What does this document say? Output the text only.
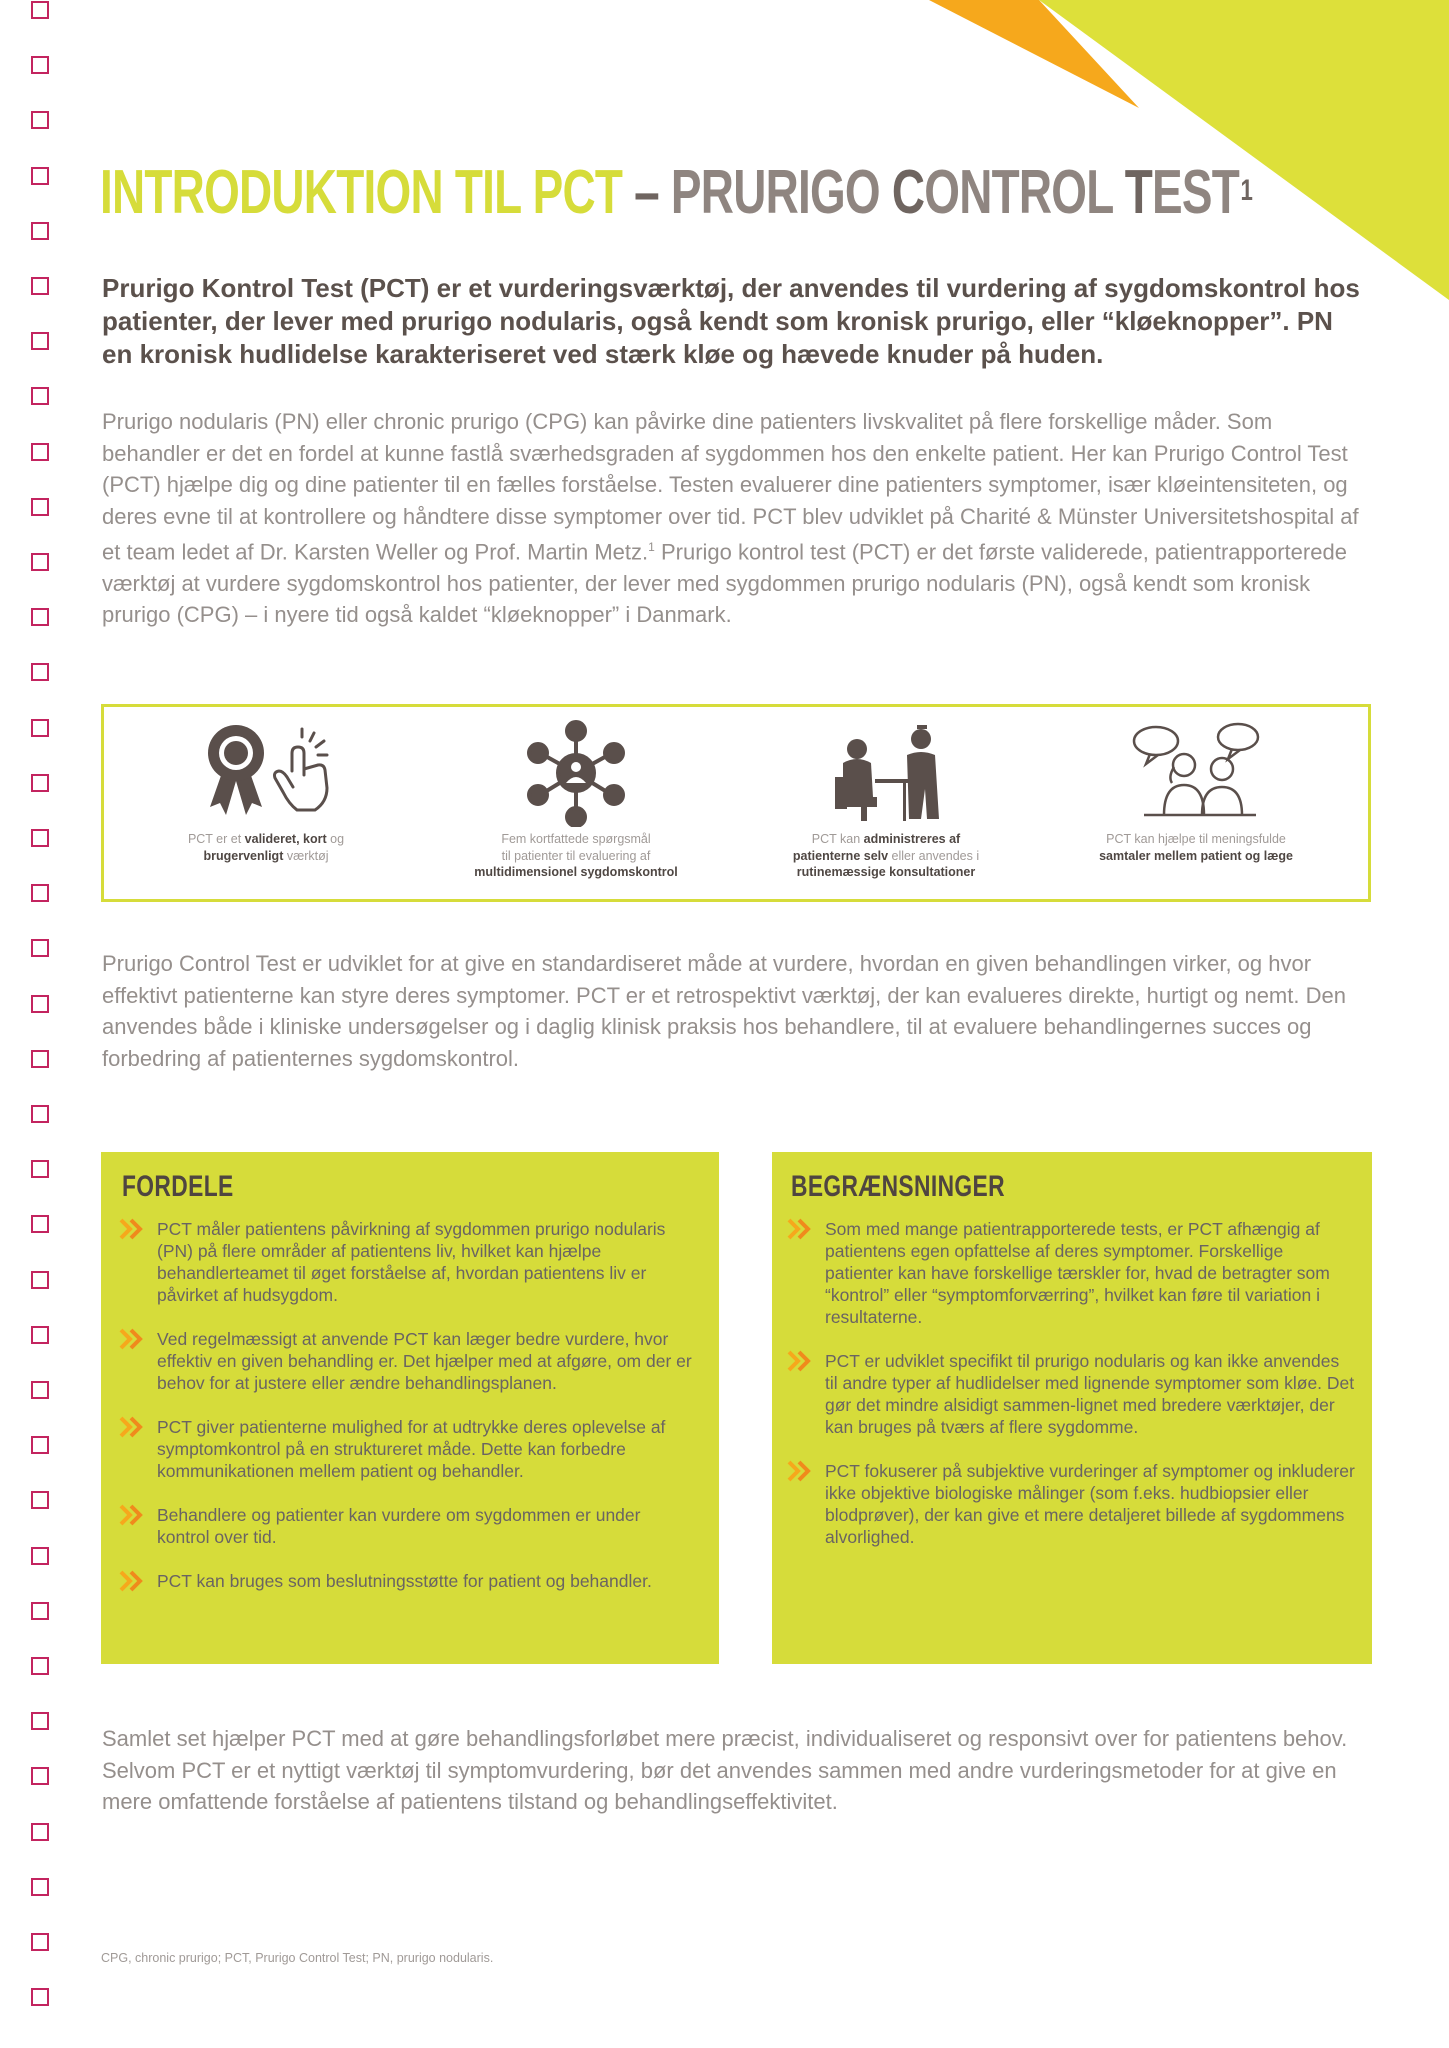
INTRODUKTION TIL PCT – PRURIGO CONTROL TEST$^1$

Prurigo Kontrol Test (PCT) er et vurderingsværktøj, der anvendes til vurdering af sygdomskontrol hos patienter, der lever med prurigo nodularis, også kendt som kronisk prurigo, eller “kløeknopper”. PN en kronisk hudlidelse karakteriseret ved stærk kløe og hævede knuder på huden.

Prurigo nodularis (PN) eller chronic prurigo (CPG) kan påvirke dine patienters livskvalitet på flere forskellige måder. Som behandler er det en fordel at kunne fastlå sværhedsgraden af sygdommen hos den enkelte patient. Her kan Prurigo Control Test (PCT) hjælpe dig og dine patienter til en fælles forståelse. Testen evaluerer dine patienters symptomer, især kløeintensiteten, og deres evne til at kontrollere og håndtere disse symptomer over tid. PCT blev udviklet på Charité & Münster Universitetshospital af et team ledet af Dr. Karsten Weller og Prof. Martin Metz.$^1$ Prurigo kontrol test (PCT) er det første validerede, patientrapporterede værktøj at vurdere sygdomskontrol hos patienter, der lever med sygdommen prurigo nodularis (PN), også kendt som kronisk prurigo (CPG) – i nyere tid også kaldet “kløeknopper” i Danmark.

PCT er et valideret, kort og
brugervenligt værktøj

Fem kortfattede spørgsmål
til patienter til evaluering af
multidimensionel sygdomskontrol

PCT kan administreres af
patienterne selv eller anvendes i
rutinemæssige konsultationer

PCT kan hjælpe til meningsfulde
samtaler mellem patient og læge

Prurigo Control Test er udviklet for at give en standardiseret måde at vurdere, hvordan en given behandlingen virker, og hvor effektivt patienterne kan styre deres symptomer. PCT er et retrospektivt værktøj, der kan evalueres direkte, hurtigt og nemt. Den anvendes både i kliniske undersøgelser og i daglig klinisk praksis hos behandlere, til at evaluere behandlingernes succes og forbedring af patienternes sygdomskontrol.

FORDELE
PCT måler patientens påvirkning af sygdommen prurigo nodularis (PN) på flere områder af patientens liv, hvilket kan hjælpe behandlerteamet til øget forståelse af, hvordan patientens liv er påvirket af hudsygdom.
Ved regelmæssigt at anvende PCT kan læger bedre vurdere, hvor effektiv en given behandling er. Det hjælper med at afgøre, om der er behov for at justere eller ændre behandlingsplanen.
PCT giver patienterne mulighed for at udtrykke deres oplevelse af symptomkontrol på en struktureret måde. Dette kan forbedre kommunikationen mellem patient og behandler.
Behandlere og patienter kan vurdere om sygdommen er under kontrol over tid.
PCT kan bruges som beslutningsstøtte for patient og behandler.
BEGRÆNSNINGER
Som med mange patientrapporterede tests, er PCT afhængig af patientens egen opfattelse af deres symptomer. Forskellige patienter kan have forskellige tærskler for, hvad de betragter som “kontrol” eller “symptomforværring”, hvilket kan føre til variation i resultaterne.
PCT er udviklet specifikt til prurigo nodularis og kan ikke anvendes til andre typer af hudlidelser med lignende symptomer som kløe. Det gør det mindre alsidigt sammen-lignet med bredere værktøjer, der kan bruges på tværs af flere sygdomme.
PCT fokuserer på subjektive vurderinger af symptomer og inkluderer ikke objektive biologiske målinger (som f.eks. hudbiopsier eller blodprøver), der kan give et mere detaljeret billede af sygdommens alvorlighed.

Samlet set hjælper PCT med at gøre behandlingsforløbet mere præcist, individualiseret og responsivt over for patientens behov. Selvom PCT er et nyttigt værktøj til symptomvurdering, bør det anvendes sammen med andre vurderingsmetoder for at give en mere omfattende forståelse af patientens tilstand og behandlingseffektivitet.

CPG, chronic prurigo; PCT, Prurigo Control Test; PN, prurigo nodularis.
